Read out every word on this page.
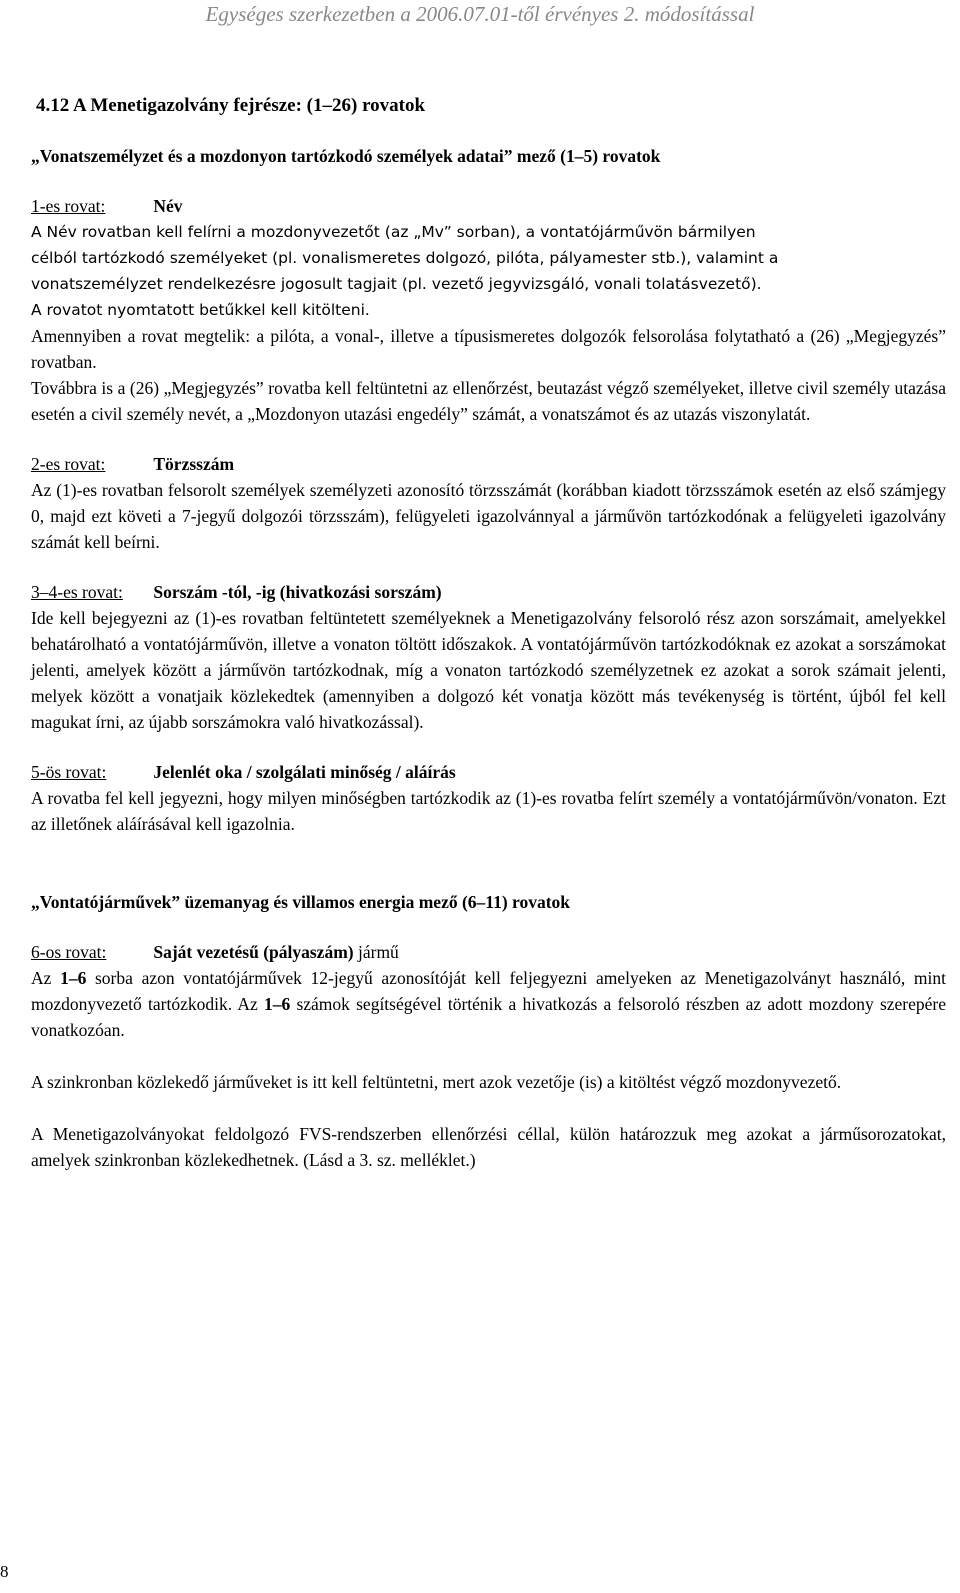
Egységes szerkezetben a 2006.07.01-től érvényes 2. módosítással
4.12 A Menetigazolvány fejrésze: (1–26) rovatok
„Vonatszemélyzet és a mozdonyon tartózkodó személyek adatai” mező (1–5) rovatok
1-es rovat:	Név
A Név rovatban kell felírni a mozdonyvezetőt (az „Mv” sorban), a vontatójárművön bármilyen
célból tartózkodó személyeket (pl. vonalismeretes dolgozó, pilóta, pályamester stb.), valamint a
vonatszemélyzet rendelkezésre jogosult tagjait (pl. vezető jegyvizsgáló, vonali tolatásvezető).
A rovatot nyomtatott betűkkel kell kitölteni.

Amennyiben a rovat megtelik: a pilóta, a vonal-, illetve a típusismeretes dolgozók felsorolása folytatható a (26) „Megjegyzés” rovatban.

Továbbra is a (26) „Megjegyzés” rovatba kell feltüntetni az ellenőrzést, beutazást végző személyeket, illetve civil személy utazása esetén a civil személy nevét, a „Mozdonyon utazási engedély” számát, a vonatszámot és az utazás viszonylatát.

2-es rovat:	Törzsszám

Az (1)-es rovatban felsorolt személyek személyzeti azonosító törzsszámát (korábban kiadott törzsszámok esetén az első számjegy 0, majd ezt követi a 7-jegyű dolgozói törzsszám), felügyeleti igazolvánnyal a járművön tartózkodónak a felügyeleti igazolvány számát kell beírni.

3–4-es rovat: Sorszám -tól, -ig (hivatkozási sorszám)

Ide kell bejegyezni az (1)-es rovatban feltüntetett személyeknek a Menetigazolvány felsoroló rész azon sorszámait, amelyekkel behatárolható a vontatójárművön, illetve a vonaton töltött időszakok. A vontatójárművön tartózkodóknak ez azokat a sorszámokat jelenti, amelyek között a járművön tartózkodnak, míg a vonaton tartózkodó személyzetnek ez azokat a sorok számait jelenti, melyek között a vonatjaik közlekedtek (amennyiben a dolgozó két vonatja között más tevékenység is történt, újból fel kell magukat írni, az újabb sorszámokra való hivatkozással).

5-ös rovat:	Jelenlét oka / szolgálati minőség / aláírás

A rovatba fel kell jegyezni, hogy milyen minőségben tartózkodik az (1)-es rovatba felírt személy a vontatójárművön/vonaton. Ezt az illetőnek aláírásával kell igazolnia.

„Vontatójárművek” üzemanyag és villamos energia mező (6–11) rovatok
6-os rovat:	Saját vezetésű (pályaszám) jármű

Az 1–6 sorba azon vontatójárművek 12-jegyű azonosítóját kell feljegyezni amelyeken az Menetigazolványt használó, mint mozdonyvezető tartózkodik. Az 1–6 számok segítségével történik a hivatkozás a felsoroló részben az adott mozdony szerepére vonatkozóan.

A szinkronban közlekedő járműveket is itt kell feltüntetni, mert azok vezetője (is) a kitöltést végző mozdonyvezető.

A Menetigazolványokat feldolgozó FVS-rendszerben ellenőrzési céllal, külön határozzuk meg azokat a járműsorozatokat, amelyek szinkronban közlekedhetnek. (Lásd a 3. sz. melléklet.)

8
